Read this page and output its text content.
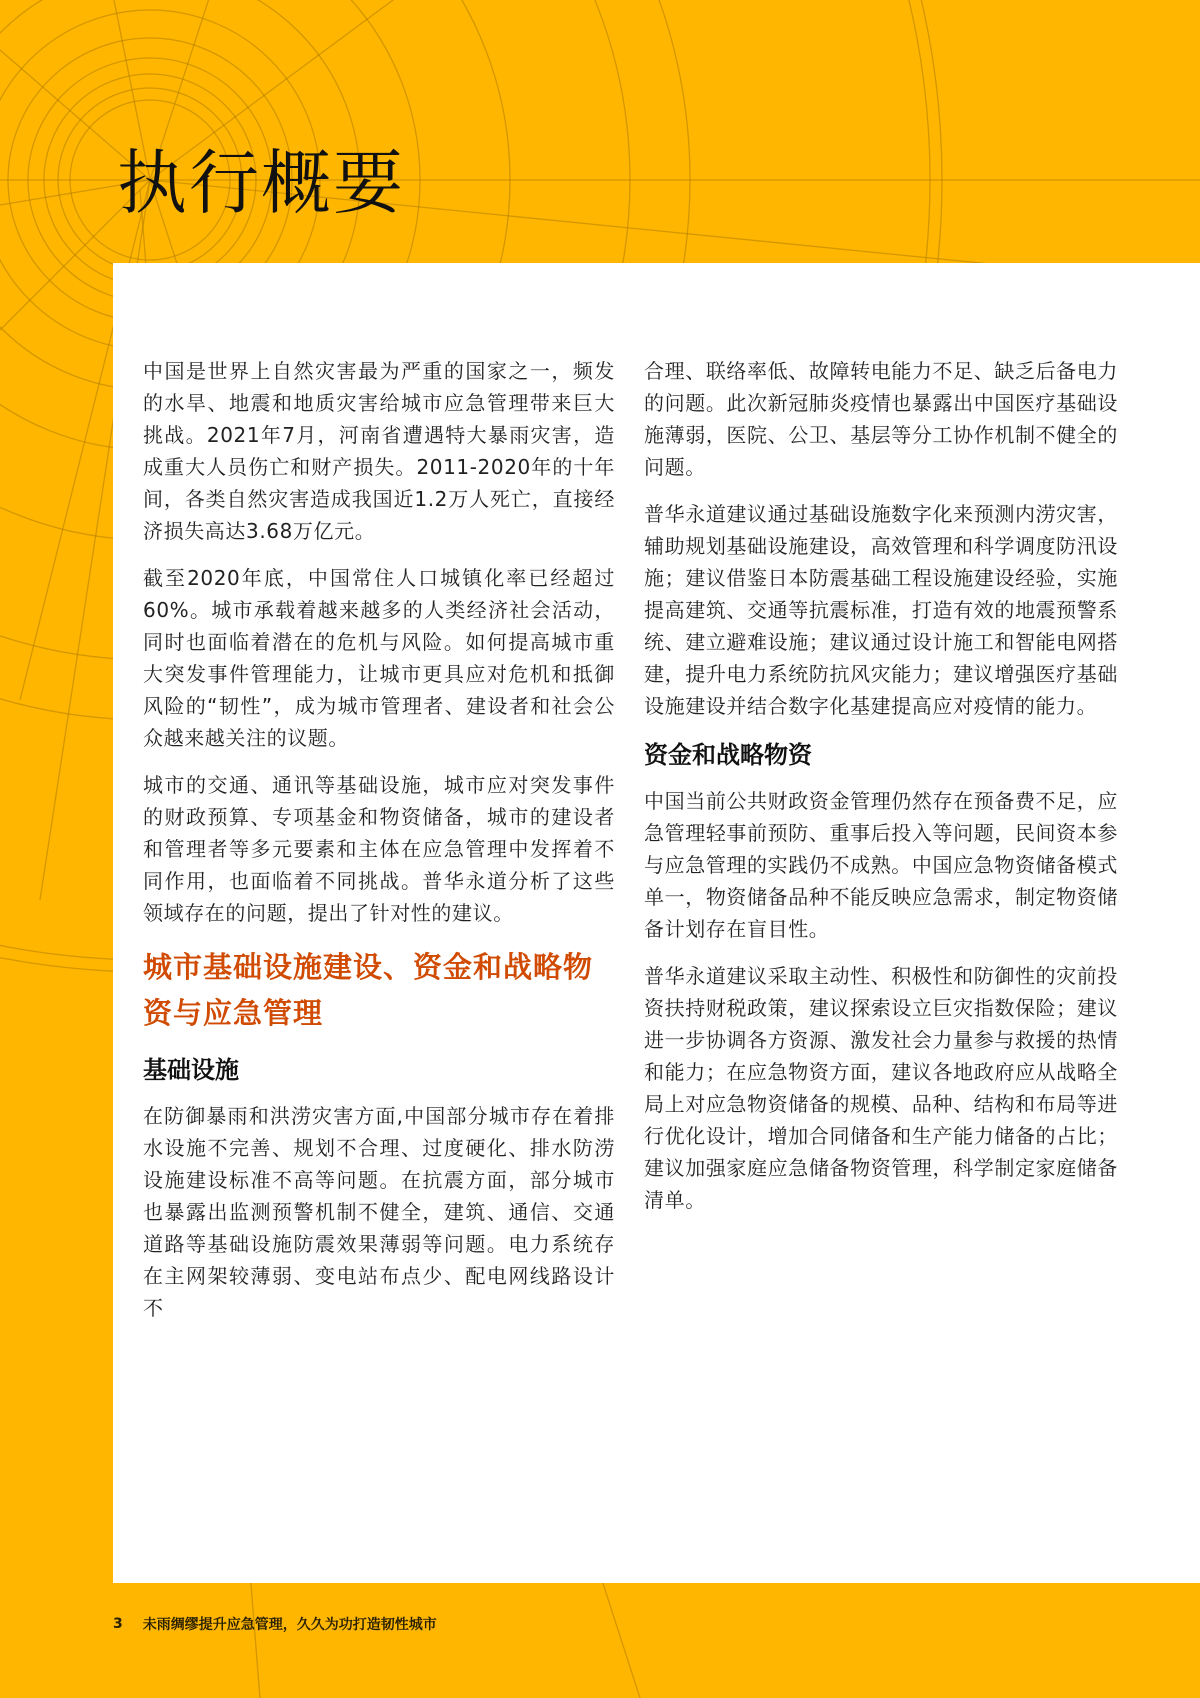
执行概要

中国是世界上自然灾害最为严重的国家之一，频发的水旱、地震和地质灾害给城市应急管理带来巨大挑战。2021年7月，河南省遭遇特大暴雨灾害，造成重大人员伤亡和财产损失。2011-2020年的十年间，各类自然灾害造成我国近1.2万人死亡，直接经济损失高达3.68万亿元。

截至2020年底，中国常住人口城镇化率已经超过60%。城市承载着越来越多的人类经济社会活动，同时也面临着潜在的危机与风险。如何提高城市重大突发事件管理能力，让城市更具应对危机和抵御风险的“韧性”，成为城市管理者、建设者和社会公众越来越关注的议题。

城市的交通、通讯等基础设施，城市应对突发事件的财政预算、专项基金和物资储备，城市的建设者和管理者等多元要素和主体在应急管理中发挥着不同作用，也面临着不同挑战。普华永道分析了这些领域存在的问题，提出了针对性的建议。

城市基础设施建设、资金和战略物资与应急管理
基础设施

在防御暴雨和洪涝灾害方面,中国部分城市存在着排水设施不完善、规划不合理、过度硬化、排水防涝设施建设标准不高等问题。在抗震方面，部分城市也暴露出监测预警机制不健全，建筑、通信、交通道路等基础设施防震效果薄弱等问题。电力系统存在主网架较薄弱、变电站布点少、配电网线路设计不

合理、联络率低、故障转电能力不足、缺乏后备电力的问题。此次新冠肺炎疫情也暴露出中国医疗基础设施薄弱，医院、公卫、基层等分工协作机制不健全的问题。

普华永道建议通过基础设施数字化来预测内涝灾害，辅助规划基础设施建设，高效管理和科学调度防汛设施；建议借鉴日本防震基础工程设施建设经验，实施提高建筑、交通等抗震标准，打造有效的地震预警系统、建立避难设施；建议通过设计施工和智能电网搭建，提升电力系统防抗风灾能力；建议增强医疗基础设施建设并结合数字化基建提高应对疫情的能力。

资金和战略物资

中国当前公共财政资金管理仍然存在预备费不足，应急管理轻事前预防、重事后投入等问题，民间资本参与应急管理的实践仍不成熟。中国应急物资储备模式单一，物资储备品种不能反映应急需求，制定物资储备计划存在盲目性。

普华永道建议采取主动性、积极性和防御性的灾前投资扶持财税政策，建议探索设立巨灾指数保险；建议进一步协调各方资源、激发社会力量参与救援的热情和能力；在应急物资方面，建议各地政府应从战略全局上对应急物资储备的规模、品种、结构和布局等进行优化设计，增加合同储备和生产能力储备的占比；建议加强家庭应急储备物资管理，科学制定家庭储备清单。

3 未雨绸缪提升应急管理，久久为功打造韧性城市
